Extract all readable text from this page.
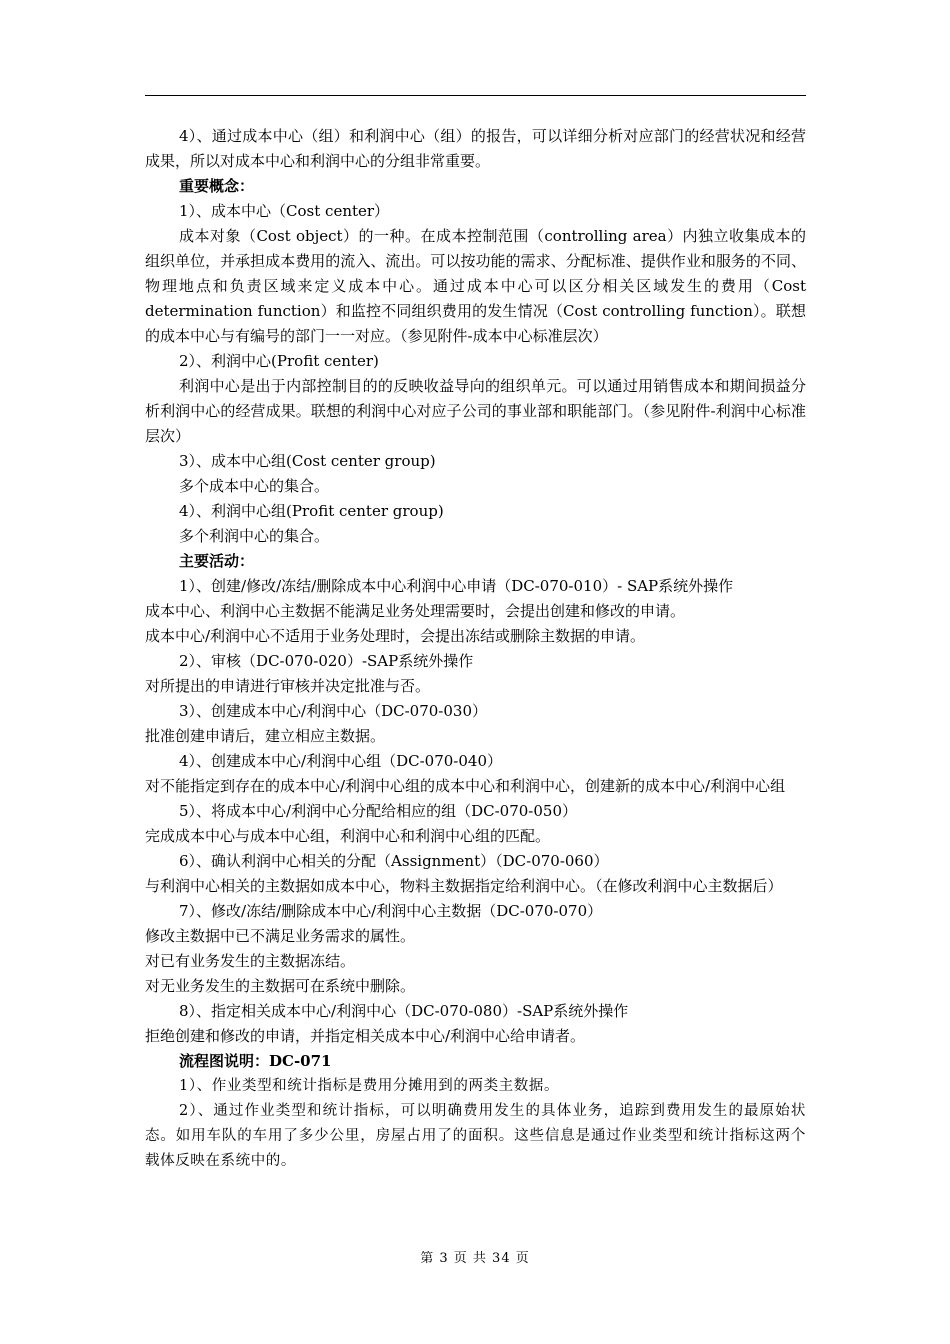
4）、通过成本中心（组）和利润中心（组）的报告，可以详细分析对应部门的经营状况和经营成果，所以对成本中心和利润中心的分组非常重要。

重要概念：

1）、成本中心（Cost center）

成本对象（Cost object）的一种。在成本控制范围（controlling area）内独立收集成本的组织单位，并承担成本费用的流入、流出。可以按功能的需求、分配标准、提供作业和服务的不同、物理地点和负责区域来定义成本中心。通过成本中心可以区分相关区域发生的费用（Cost determination function）和监控不同组织费用的发生情况（Cost controlling function）。联想的成本中心与有编号的部门一一对应。（参见附件-成本中心标准层次）

2）、利润中心(Profit center)

利润中心是出于内部控制目的的反映收益导向的组织单元。可以通过用销售成本和期间损益分析利润中心的经营成果。联想的利润中心对应子公司的事业部和职能部门。（参见附件-利润中心标准层次）

3）、成本中心组(Cost center group)

多个成本中心的集合。

4）、利润中心组(Profit center group)

多个利润中心的集合。

主要活动：

1）、创建/修改/冻结/删除成本中心利润中心申请（DC-070-010）- SAP系统外操作

成本中心、利润中心主数据不能满足业务处理需要时，会提出创建和修改的申请。

成本中心/利润中心不适用于业务处理时，会提出冻结或删除主数据的申请。

2）、审核（DC-070-020）-SAP系统外操作

对所提出的申请进行审核并决定批准与否。

3）、创建成本中心/利润中心（DC-070-030）

批准创建申请后，建立相应主数据。

4）、创建成本中心/利润中心组（DC-070-040）

对不能指定到存在的成本中心/利润中心组的成本中心和利润中心，创建新的成本中心/利润中心组

5）、将成本中心/利润中心分配给相应的组（DC-070-050）

完成成本中心与成本中心组，利润中心和利润中心组的匹配。

6）、确认利润中心相关的分配（Assignment）（DC-070-060）

与利润中心相关的主数据如成本中心，物料主数据指定给利润中心。（在修改利润中心主数据后）

7）、修改/冻结/删除成本中心/利润中心主数据（DC-070-070）

修改主数据中已不满足业务需求的属性。

对已有业务发生的主数据冻结。

对无业务发生的主数据可在系统中删除。

8）、指定相关成本中心/利润中心（DC-070-080）-SAP系统外操作

拒绝创建和修改的申请，并指定相关成本中心/利润中心给申请者。

流程图说明：DC-071

1）、作业类型和统计指标是费用分摊用到的两类主数据。

2）、通过作业类型和统计指标，可以明确费用发生的具体业务，追踪到费用发生的最原始状态。如用车队的车用了多少公里，房屋占用了的面积。这些信息是通过作业类型和统计指标这两个载体反映在系统中的。

第 3 页 共 34 页
